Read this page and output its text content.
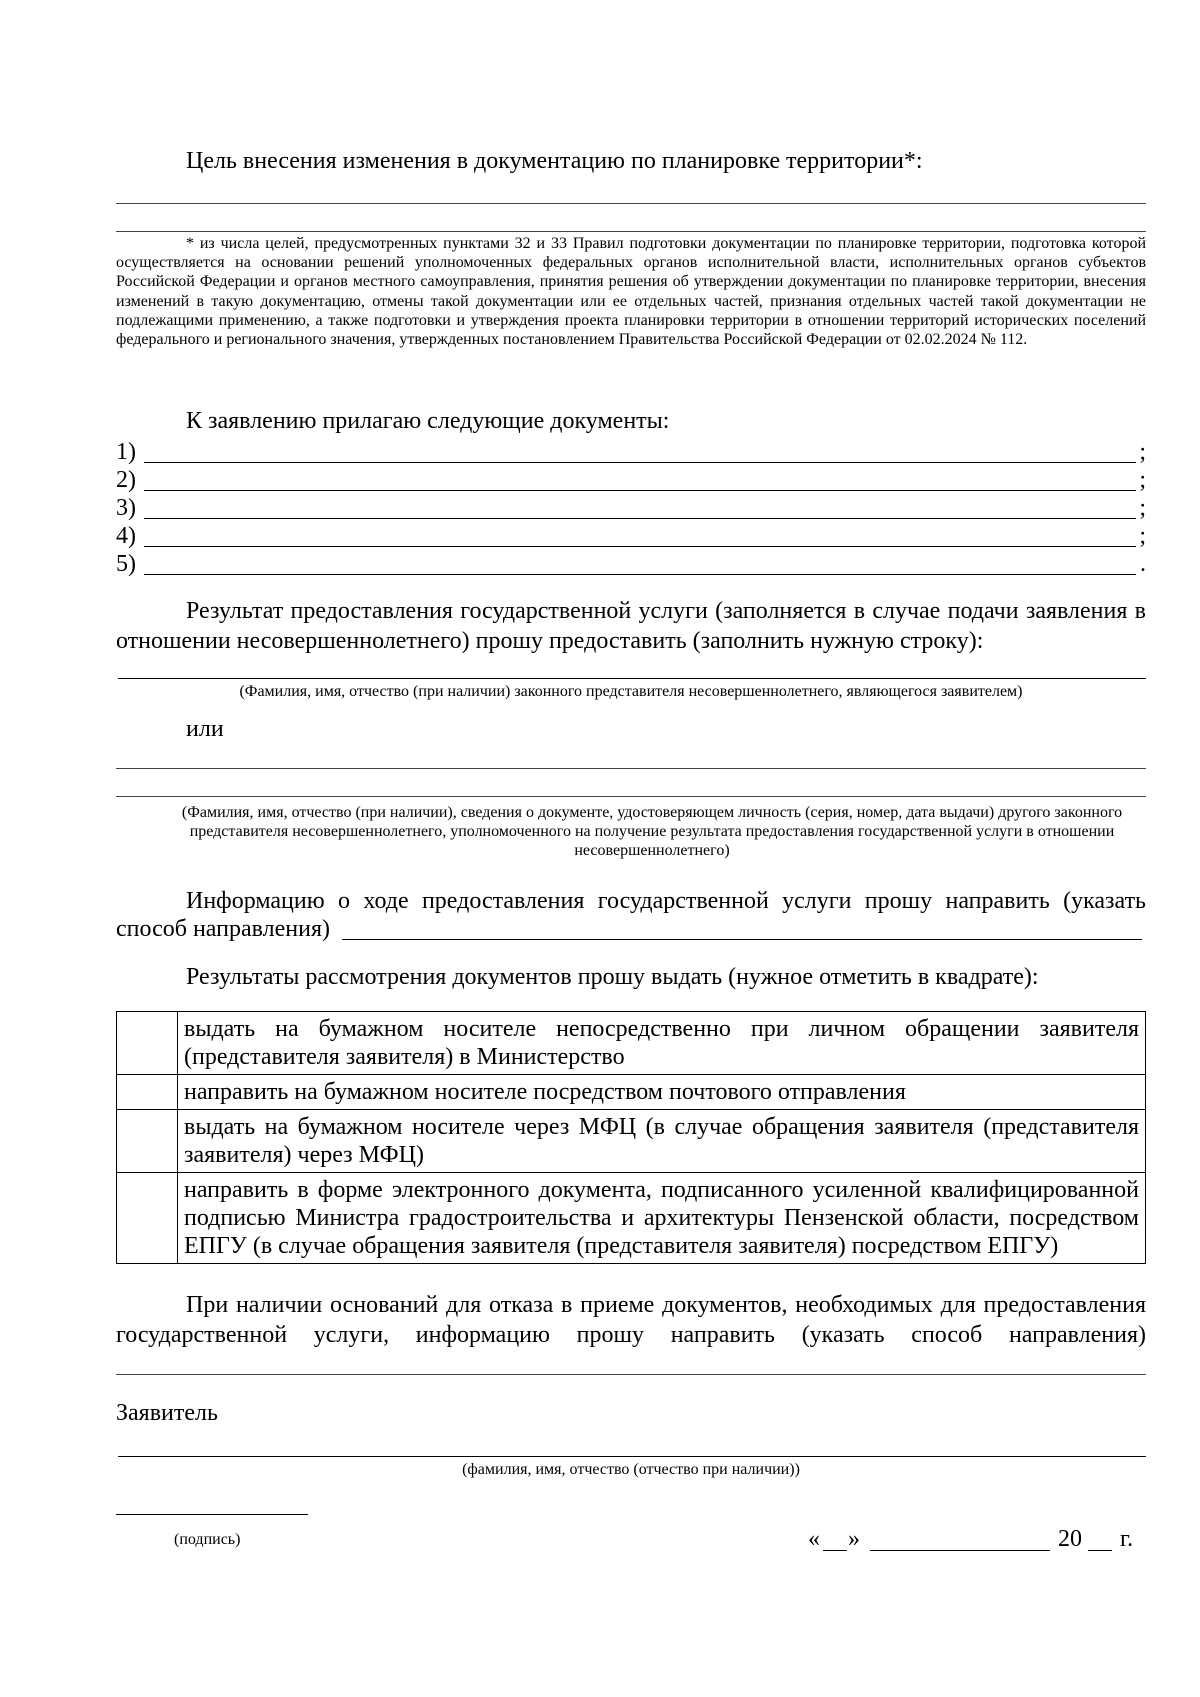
Цель внесения изменения в документацию по планировке территории*:
* из числа целей, предусмотренных пунктами 32 и 33 Правил подготовки документации по планировке территории, подготовка которой осуществляется на основании решений уполномоченных федеральных органов исполнительной власти, исполнительных органов субъектов Российской Федерации и органов местного самоуправления, принятия решения об утверждении документации по планировке территории, внесения изменений в такую документацию, отмены такой документации или ее отдельных частей, признания отдельных частей такой документации не подлежащими применению, а также подготовки и утверждения проекта планировки территории в отношении территорий исторических поселений федерального и регионального значения, утвержденных постановлением Правительства Российской Федерации от 02.02.2024 № 112.
К заявлению прилагаю следующие документы:
1)	;
2)	;
3)	;
4)	;
5)	.
Результат предоставления государственной услуги (заполняется в случае подачи заявления в отношении несовершеннолетнего) прошу предоставить (заполнить нужную строку):
(Фамилия, имя, отчество (при наличии) законного представителя несовершеннолетнего, являющегося заявителем)
или
(Фамилия, имя, отчество (при наличии), сведения о документе, удостоверяющем личность (серия, номер, дата выдачи) другого законного представителя несовершеннолетнего, уполномоченного на получение результата предоставления государственной услуги в отношении несовершеннолетнего)
Информацию о ходе предоставления государственной услуги прошу направить (указать
способ направления)
Результаты рассмотрения документов прошу выдать (нужное отметить в квадрате):
	выдать на бумажном носителе непосредственно при личном обращении заявителя (представителя заявителя) в Министерство
	направить на бумажном носителе посредством почтового отправления
	выдать на бумажном носителе через МФЦ (в случае обращения заявителя (представителя заявителя) через МФЦ)
	направить в форме электронного документа, подписанного усиленной квалифицированной подписью Министра градостроительства и архитектуры Пензенской области, посредством ЕПГУ (в случае обращения заявителя (представителя заявителя) посредством ЕПГУ)
При наличии оснований для отказа в приеме документов, необходимых для предоставления государственной услуги, информацию прошу направить (указать способ направления)
Заявитель
(фамилия, имя, отчество (отчество при наличии))
(подпись)	« »	20 г.
